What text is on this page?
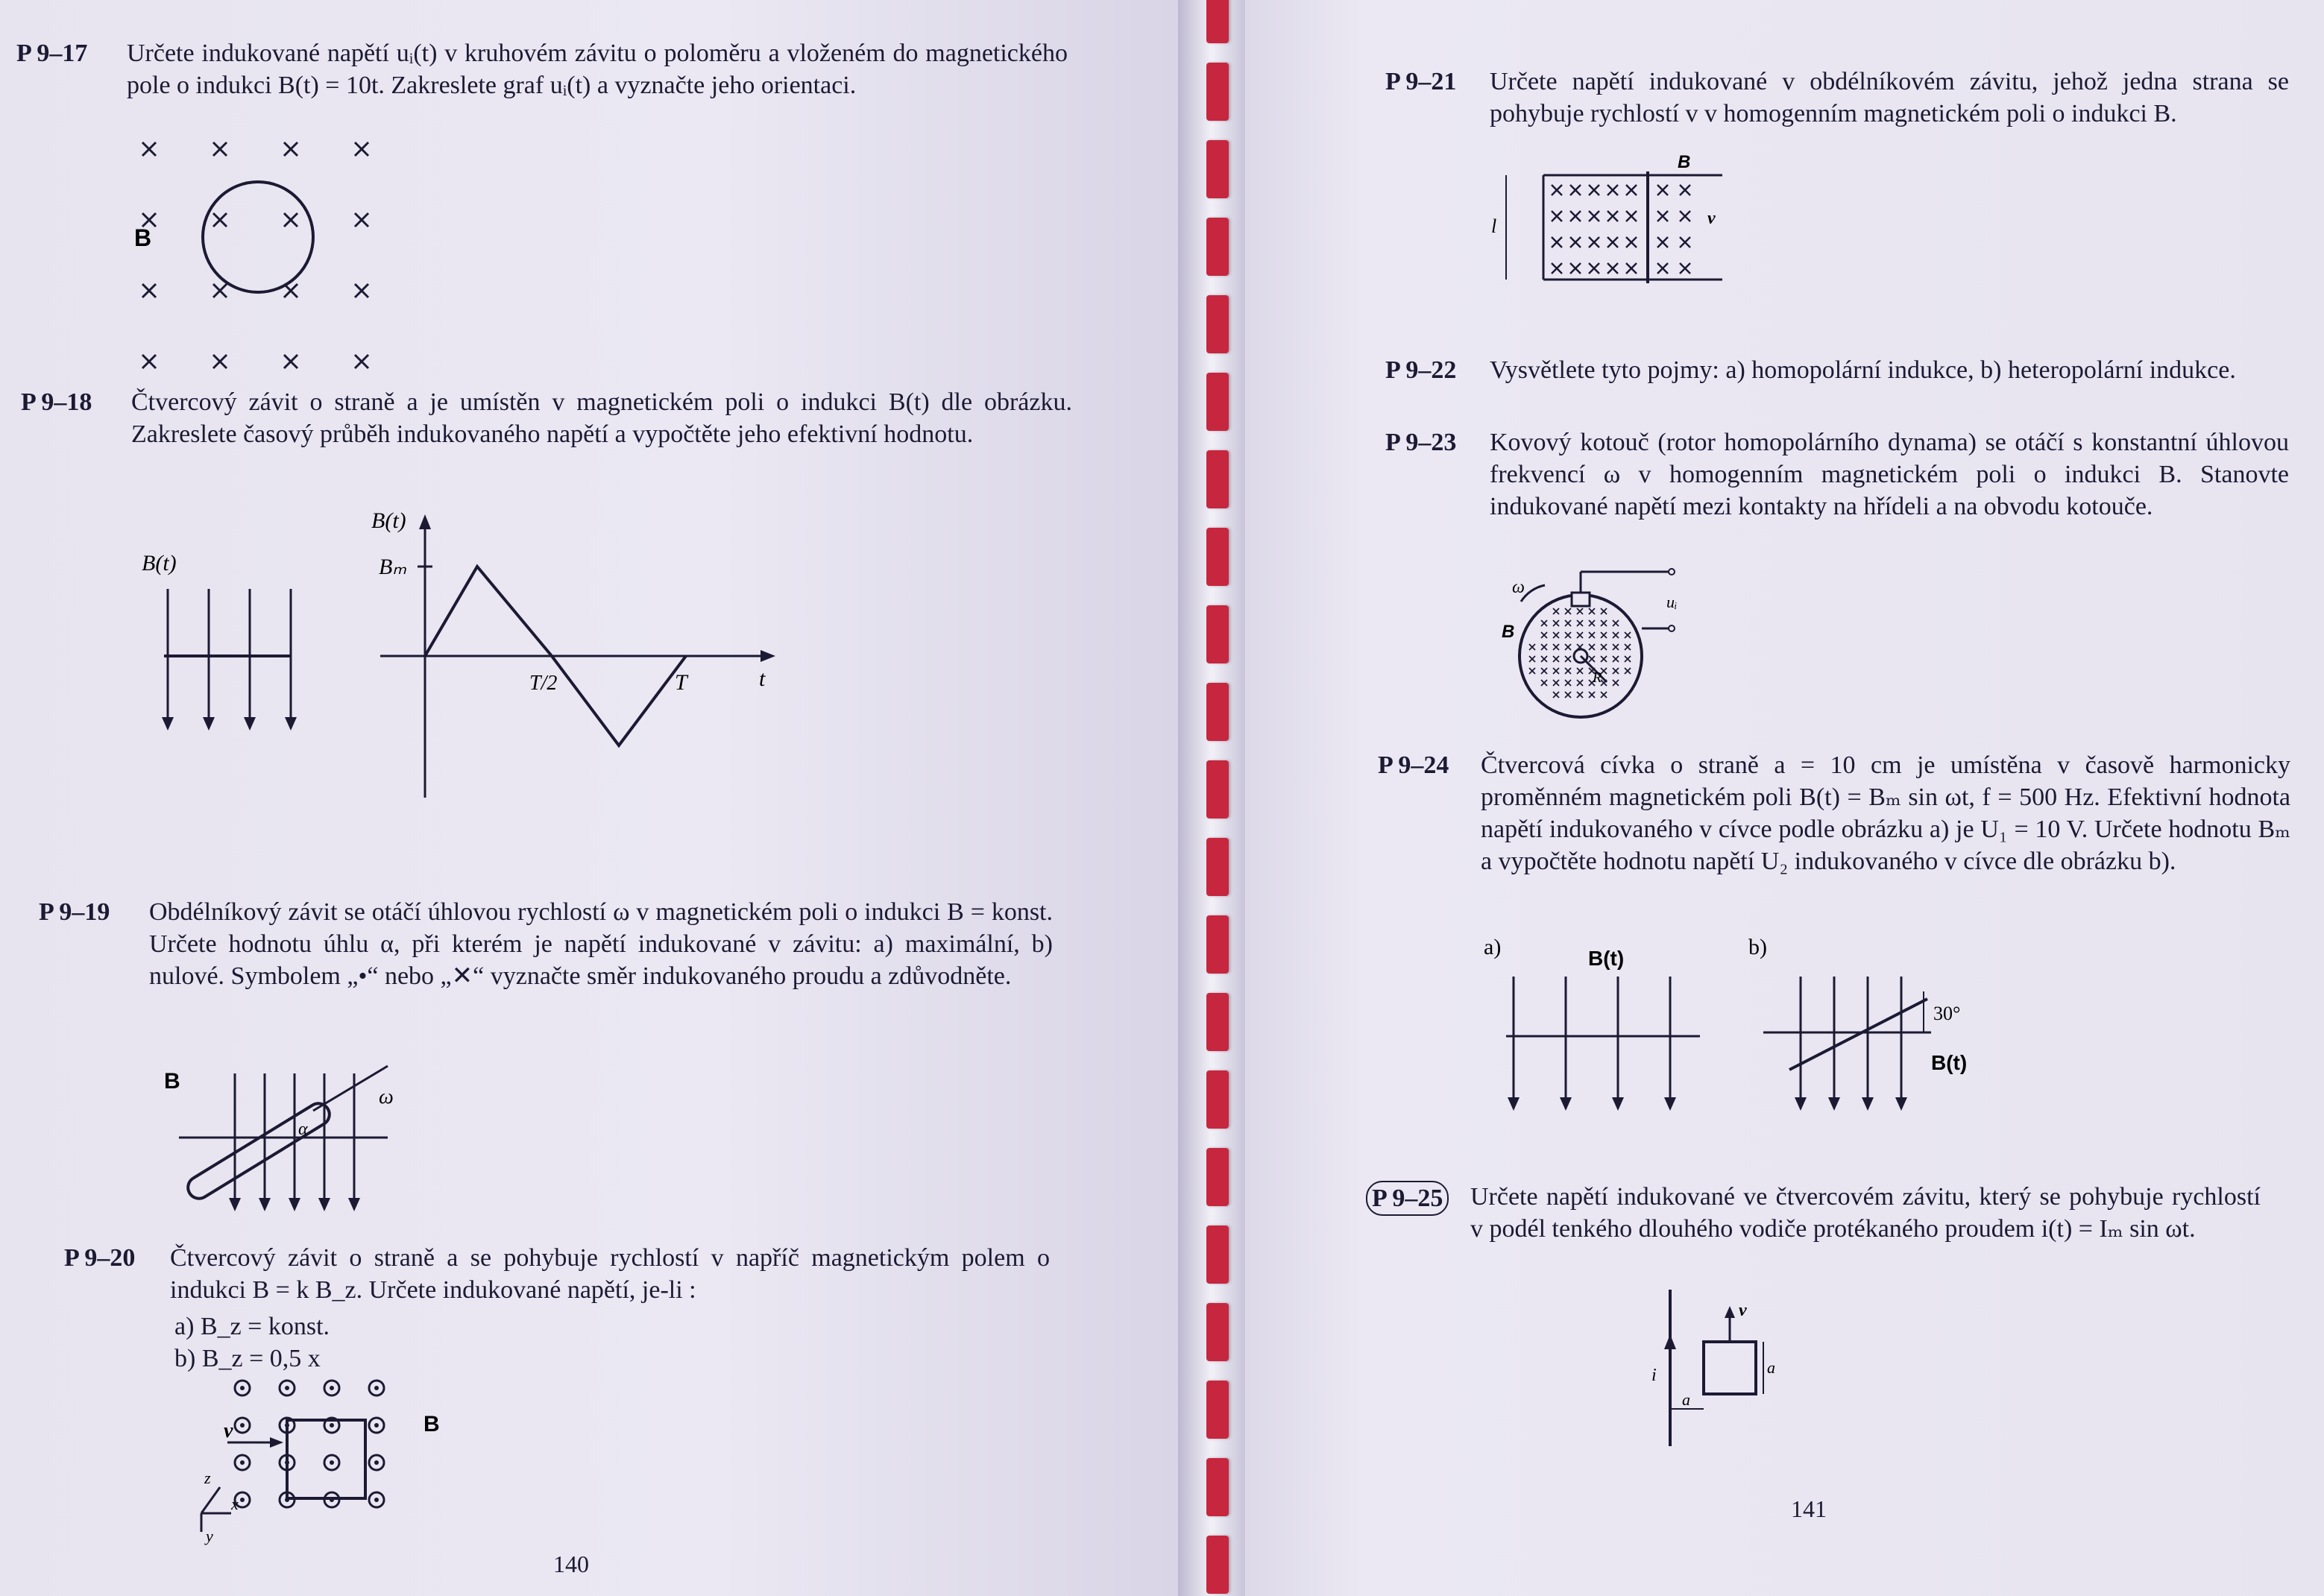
P 9–17 Určete indukované napětí uᵢ(t) v kruhovém závitu o poloměru a vloženém do magnetického pole o indukci B(t) = 10t. Zakreslete graf uᵢ(t) a vyznačte jeho orientaci.
B
P 9–18 Čtvercový závit o straně a je umístěn v magnetickém poli o indukci B(t) dle obrázku. Zakreslete časový průběh indukovaného napětí a vypočtěte jeho efektivní hodnotu.
B(t)
B(t)
Bₘ
T/2	T	t
P 9–19 Obdélníkový závit se otáčí úhlovou rychlostí ω v magnetickém poli o indukci B = konst. Určete hodnotu úhlu α, při kterém je napětí indukované v závitu: a) maximální, b) nulové. Symbolem „•“ nebo „✕“ vyznačte směr indukovaného proudu a zdůvodněte.
B
ω
α
P 9–20 Čtvercový závit o straně a se pohybuje rychlostí v napříč magnetickým polem o indukci B = k B_z. Určete indukované napětí, je-li :
a) B_z = konst.
b) B_z = 0,5 x
v	B
x
y
z
140
P 9–21 Určete napětí indukované v obdélníkovém závitu, jehož jedna strana se pohybuje rychlostí v v homogenním magnetickém poli o indukci B.
B
l	v
P 9–22 Vysvětlete tyto pojmy: a) homopolární indukce, b) heteropolární indukce.
P 9–23 Kovový kotouč (rotor homopolárního dynama) se otáčí s konstantní úhlovou frekvencí ω v homogenním magnetickém poli o indukci B. Stanovte indukované napětí mezi kontakty na hřídeli a na obvodu kotouče.
ω
B
uᵢ
R
P 9–24 Čtvercová cívka o straně a = 10 cm je umístěna v časově harmonicky proměnném magnetickém poli B(t) = Bₘ sin ωt, f = 500 Hz. Efektivní hodnota napětí indukovaného v cívce podle obrázku a) je U₁ = 10 V. Určete hodnotu Bₘ a vypočtěte hodnotu napětí U₂ indukovaného v cívce dle obrázku b).
a)	B(t)	b)
30°
B(t)
P 9–25 Určete napětí indukované ve čtvercovém závitu, který se pohybuje rychlostí v podél tenkého dlouhého vodiče protékaného proudem i(t) = Iₘ sin ωt.
v
i
a
a
141
